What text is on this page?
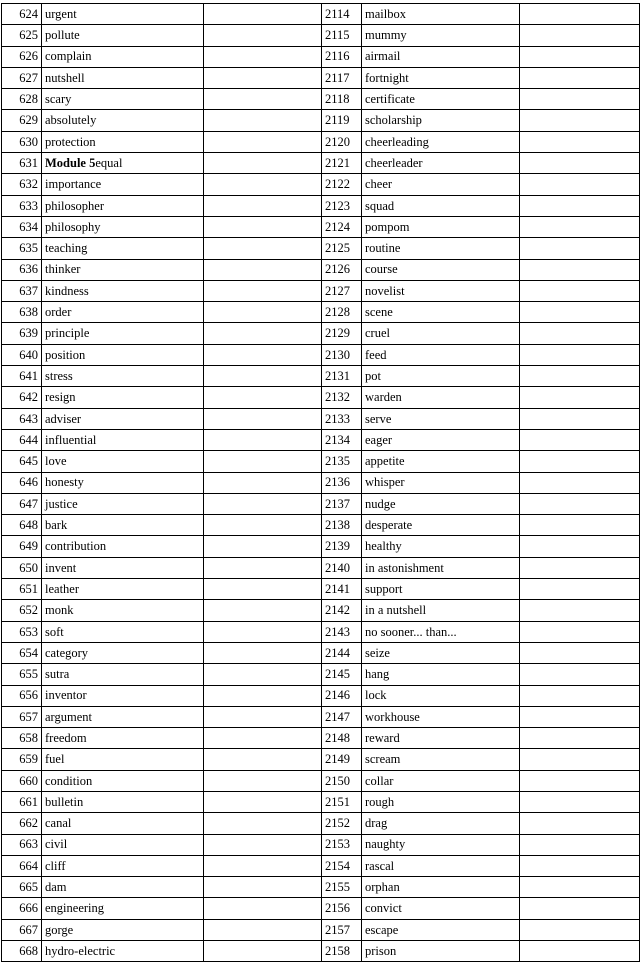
624	urgent		2114	mailbox	
625	pollute		2115	mummy	
626	complain		2116	airmail	
627	nutshell		2117	fortnight	
628	scary		2118	certificate	
629	absolutely		2119	scholarship	
630	protection		2120	cheerleading	
631	Module 5equal		2121	cheerleader	
632	importance		2122	cheer	
633	philosopher		2123	squad	
634	philosophy		2124	pompom	
635	teaching		2125	routine	
636	thinker		2126	course	
637	kindness		2127	novelist	
638	order		2128	scene	
639	principle		2129	cruel	
640	position		2130	feed	
641	stress		2131	pot	
642	resign		2132	warden	
643	adviser		2133	serve	
644	influential		2134	eager	
645	love		2135	appetite	
646	honesty		2136	whisper	
647	justice		2137	nudge	
648	bark		2138	desperate	
649	contribution		2139	healthy	
650	invent		2140	in astonishment	
651	leather		2141	support	
652	monk		2142	in a nutshell	
653	soft		2143	no sooner... than...	
654	category		2144	seize	
655	sutra		2145	hang	
656	inventor		2146	lock	
657	argument		2147	workhouse	
658	freedom		2148	reward	
659	fuel		2149	scream	
660	condition		2150	collar	
661	bulletin		2151	rough	
662	canal		2152	drag	
663	civil		2153	naughty	
664	cliff		2154	rascal	
665	dam		2155	orphan	
666	engineering		2156	convict	
667	gorge		2157	escape	
668	hydro-electric		2158	prison	
